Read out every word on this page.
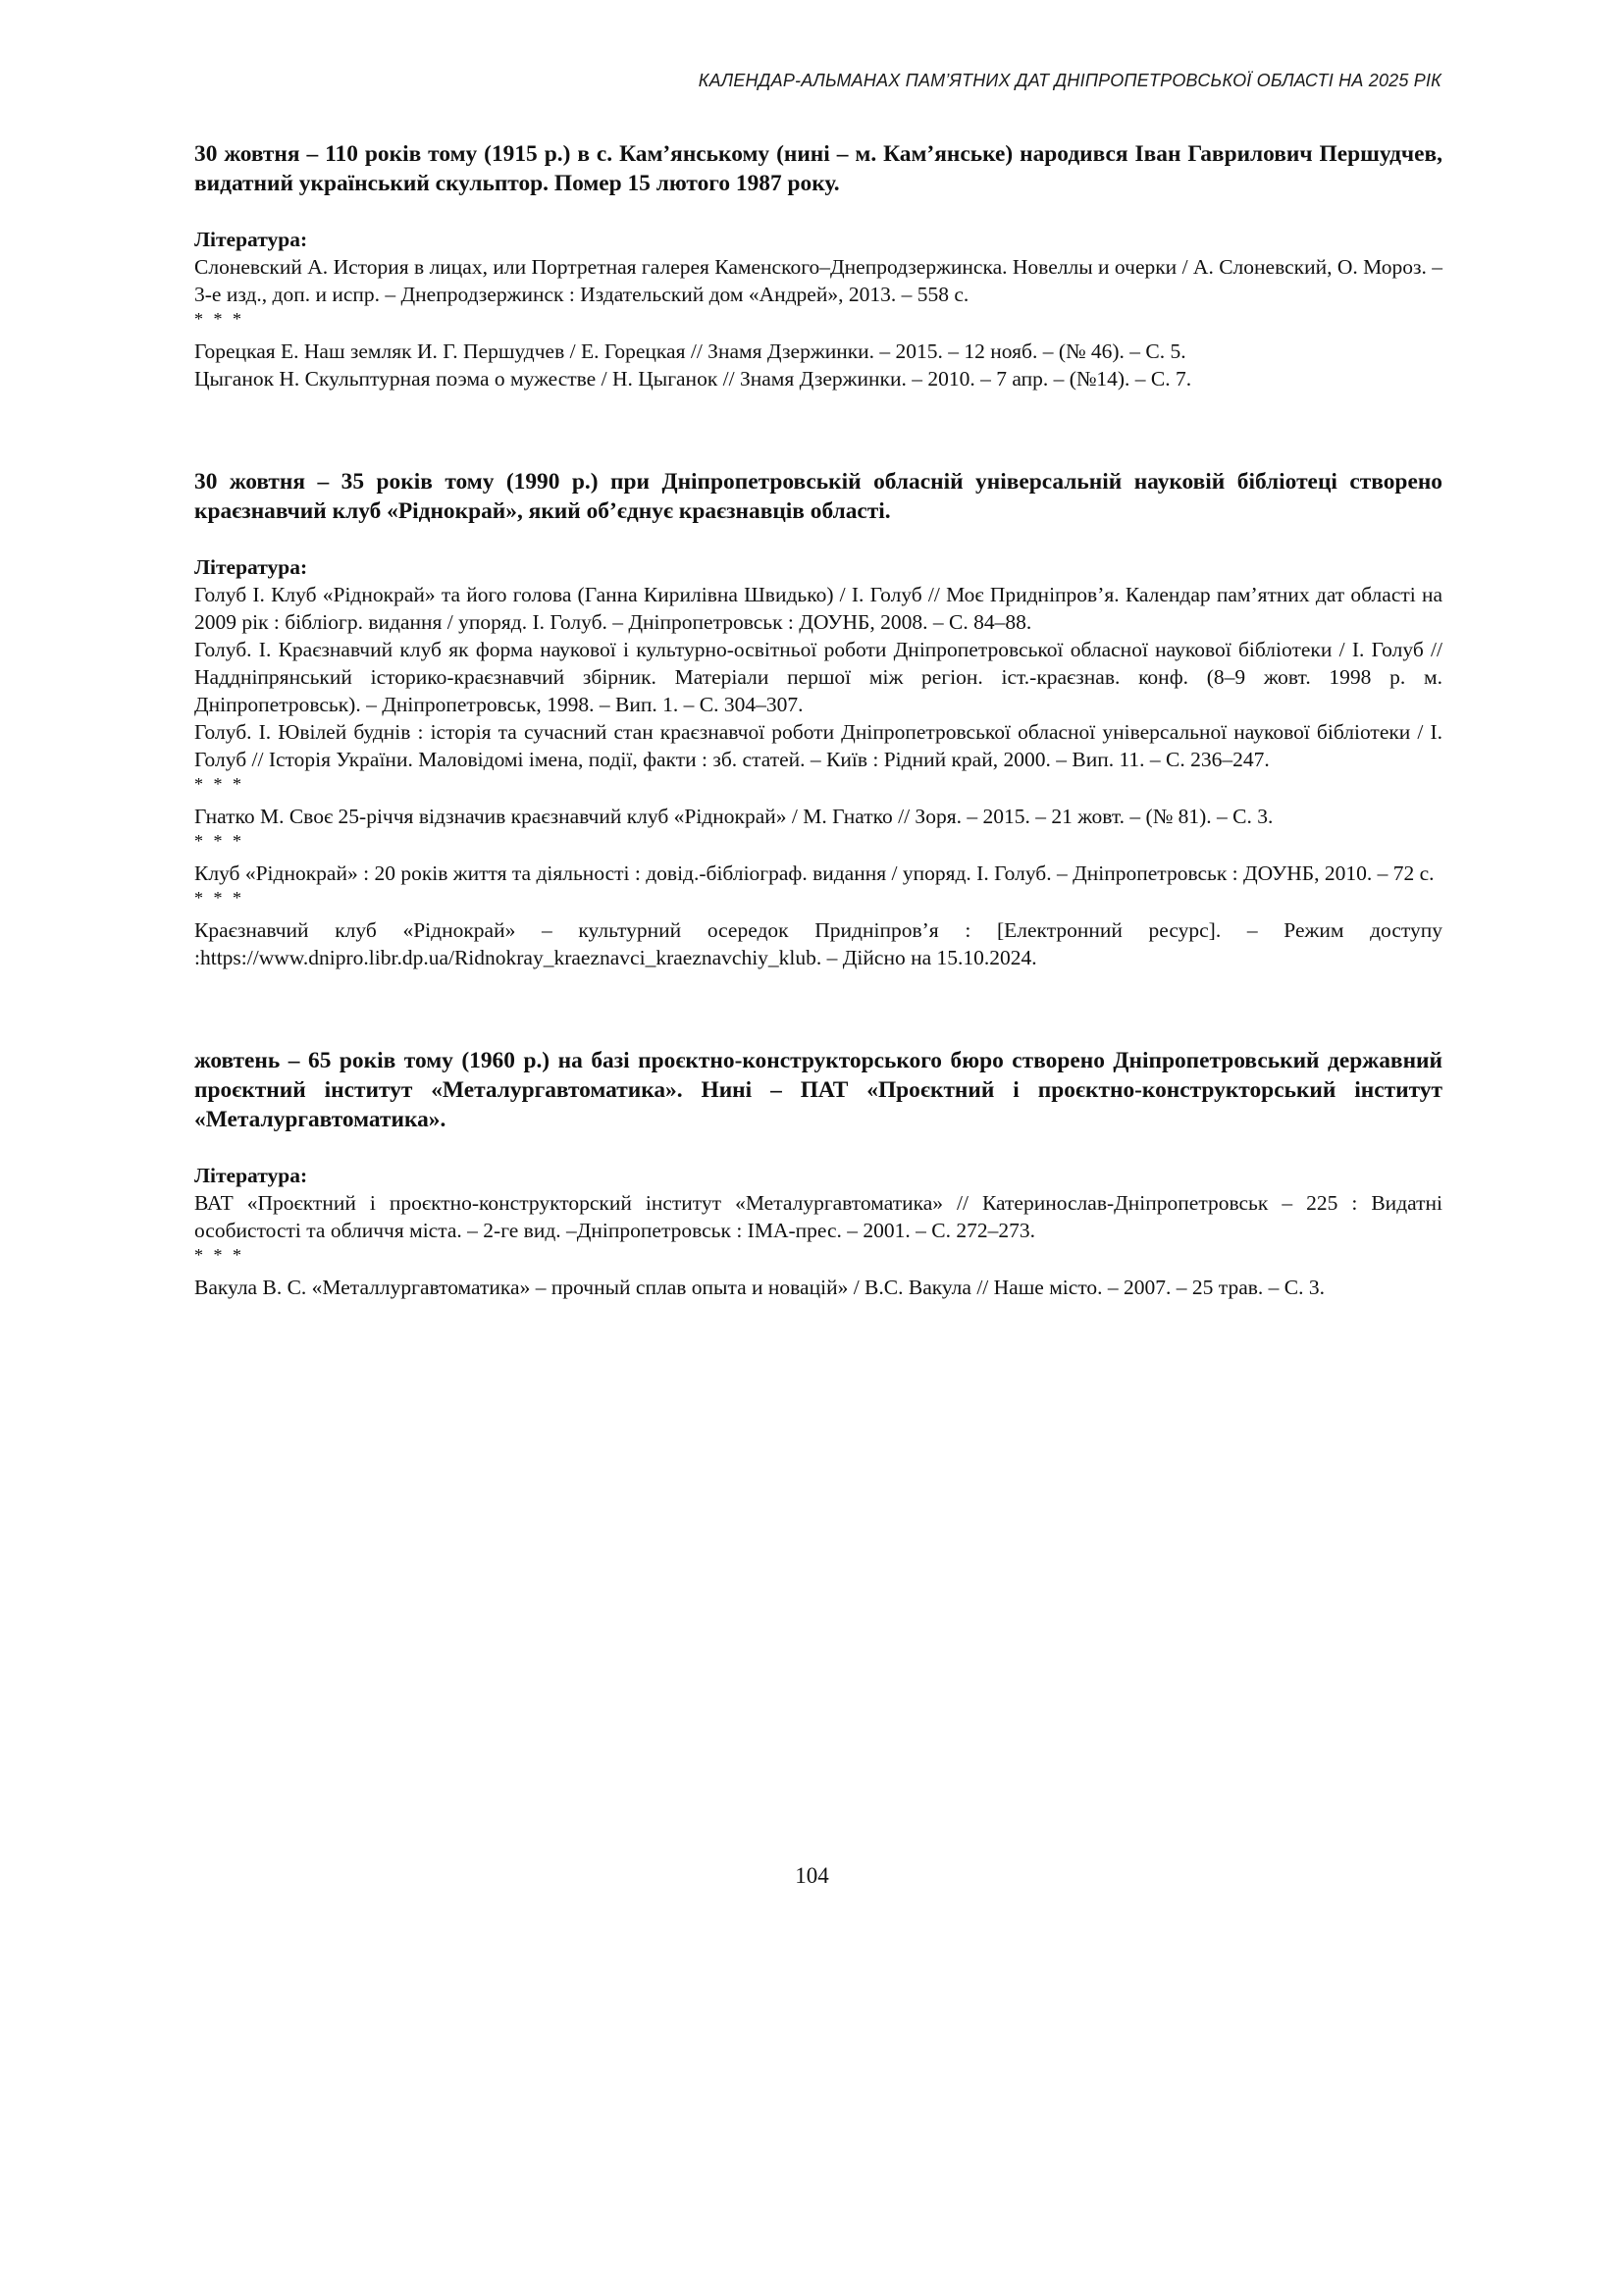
КАЛЕНДАР-АЛЬМАНАХ ПАМ’ЯТНИХ ДАТ ДНІПРОПЕТРОВСЬКОЇ ОБЛАСТІ НА 2025 РІК

30 жовтня – 110 років тому (1915 р.) в с. Кам’янському (нині – м. Кам’янське) народився Іван Гаврилович Першудчев, видатний український скульптор. Помер 15 лютого 1987 року.

Література:

Слоневский А. История в лицах, или Портретная галерея Каменского–Днепродзержинска. Новеллы и очерки / А. Слоневский, О. Мороз. – 3-е изд., доп. и испр. – Днепродзержинск : Издательский дом «Андрей», 2013. – 558 с.

* * *

Горецкая Е. Наш земляк И. Г. Першудчев / Е. Горецкая // Знамя Дзержинки. – 2015. – 12 нояб. – (№ 46). – С. 5.

Цыганок Н. Скульптурная поэма о мужестве / Н. Цыганок // Знамя Дзержинки. – 2010. – 7 апр. – (№14). – С. 7.

30 жовтня – 35 років тому (1990 р.) при Дніпропетровській обласній універсальній науковій бібліотеці створено краєзнавчий клуб «Ріднокрай», який об’єднує краєзнавців області.

Література:

Голуб І. Клуб «Ріднокрай» та його голова (Ганна Кирилівна Швидько) / І. Голуб // Моє Придніпров’я. Календар пам’ятних дат області на 2009 рік : бібліогр. видання / упоряд. І. Голуб. – Дніпропетровськ : ДОУНБ, 2008. – С. 84–88.

Голуб. І. Краєзнавчий клуб як форма наукової і культурно-освітньої роботи Дніпропетровської обласної наукової бібліотеки / І. Голуб // Наддніпрянський історико-краєзнавчий збірник. Матеріали першої між регіон. іст.-краєзнав. конф. (8–9 жовт. 1998 р. м. Дніпропетровськ). – Дніпропетровськ, 1998. – Вип. 1. – С. 304–307.

Голуб. І. Ювілей буднів : історія та сучасний стан краєзнавчої роботи Дніпропетровської обласної універсальної наукової бібліотеки / І. Голуб // Історія України. Маловідомі імена, події, факти : зб. статей. – Київ : Рідний край, 2000. – Вип. 11. – С. 236–247.

* * *

Гнатко М. Своє 25-річчя відзначив краєзнавчий клуб «Ріднокрай» / М. Гнатко // Зоря. – 2015. – 21 жовт. – (№ 81). – С. 3.

* * *

Клуб «Ріднокрай» : 20 років життя та діяльності : довід.-бібліограф. видання / упоряд. І. Голуб. – Дніпропетровськ : ДОУНБ, 2010. – 72 с.

* * *

Краєзнавчий клуб «Ріднокрай» – культурний осередок Придніпров’я : [Електронний ресурс]. – Режим доступу :https://www.dnipro.libr.dp.ua/Ridnokray_kraeznavci_kraeznavchiy_klub. – Дійсно на 15.10.2024.

жовтень – 65 років тому (1960 р.) на базі проєктно-конструкторського бюро створено Дніпропетровський державний проєктний інститут «Металургавтоматика». Нині – ПАТ «Проєктний і проєктно-конструкторський інститут «Металургавтоматика».

Література:

ВАТ «Проєктний і проєктно-конструкторский інститут «Металургавтоматика» // Катеринослав-Дніпропетровськ – 225 : Видатні особистості та обличчя міста. – 2-ге вид. –Дніпропетровськ : ІМА-прес. – 2001. – С. 272–273.

* * *

Вакула В. С. «Металлургавтоматика» – прочный сплав опыта и новацій» / В.С. Вакула // Наше місто. – 2007. – 25 трав. – С. 3.

104
